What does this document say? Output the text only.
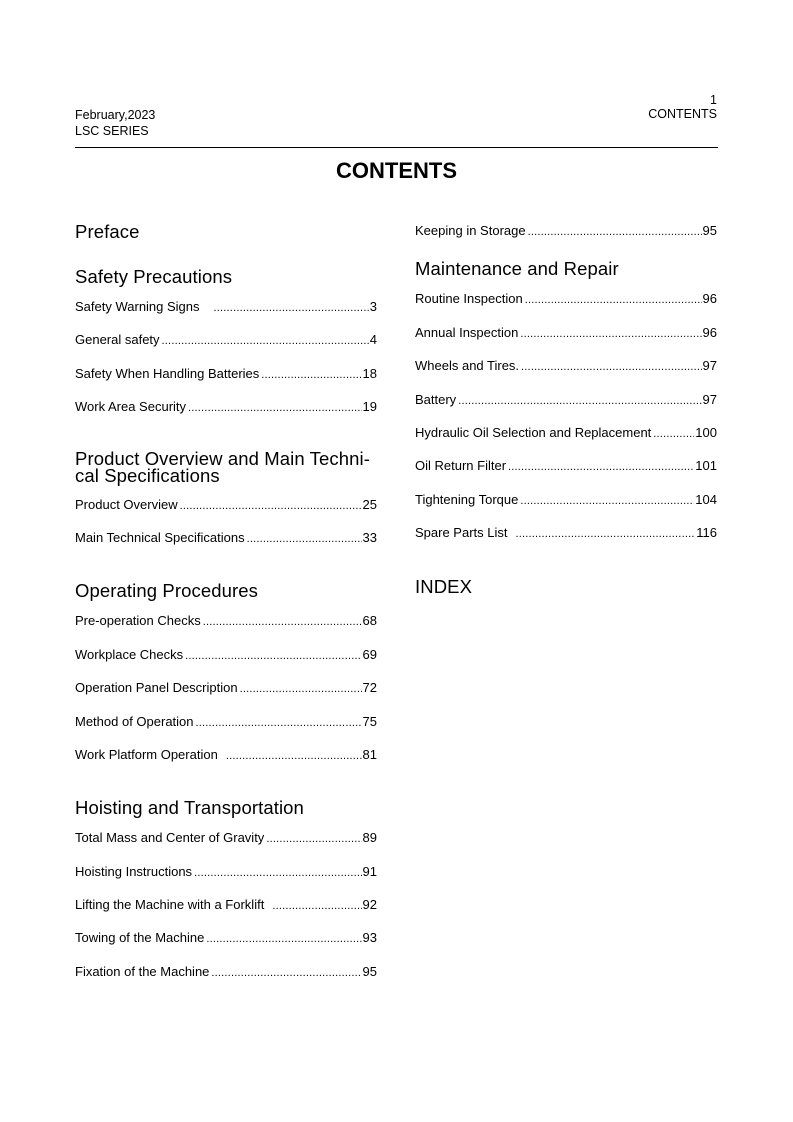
February,2023
LSC SERIES
1
CONTENTS
CONTENTS
Preface
Safety Precautions
Safety Warning Signs .....	3
General safety .....	4
Safety When Handling Batteries .....	18
Work Area Security .....	19
Product Overview and Main Techni-
cal Specifications
Product Overview .....	25
Main Technical Specifications .....	33
Operating Procedures
Pre-operation Checks .....	68
Workplace Checks .....	69
Operation Panel Description .....	72
Method of Operation .....	75
Work Platform Operation .....	81
Hoisting and Transportation
Total Mass and Center of Gravity .....	89
Hoisting Instructions .....	91
Lifting the Machine with a Forklift .....	92
Towing of the Machine .....	93
Fixation of the Machine .....	95
Keeping in Storage .....	95
Maintenance and Repair
Routine Inspection .....	96
Annual Inspection .....	96
Wheels and Tires. .....	97
Battery .....	97
Hydraulic Oil Selection and Replacement .....	100
Oil Return Filter .....	101
Tightening Torque .....	104
Spare Parts List .....	116
INDEX
